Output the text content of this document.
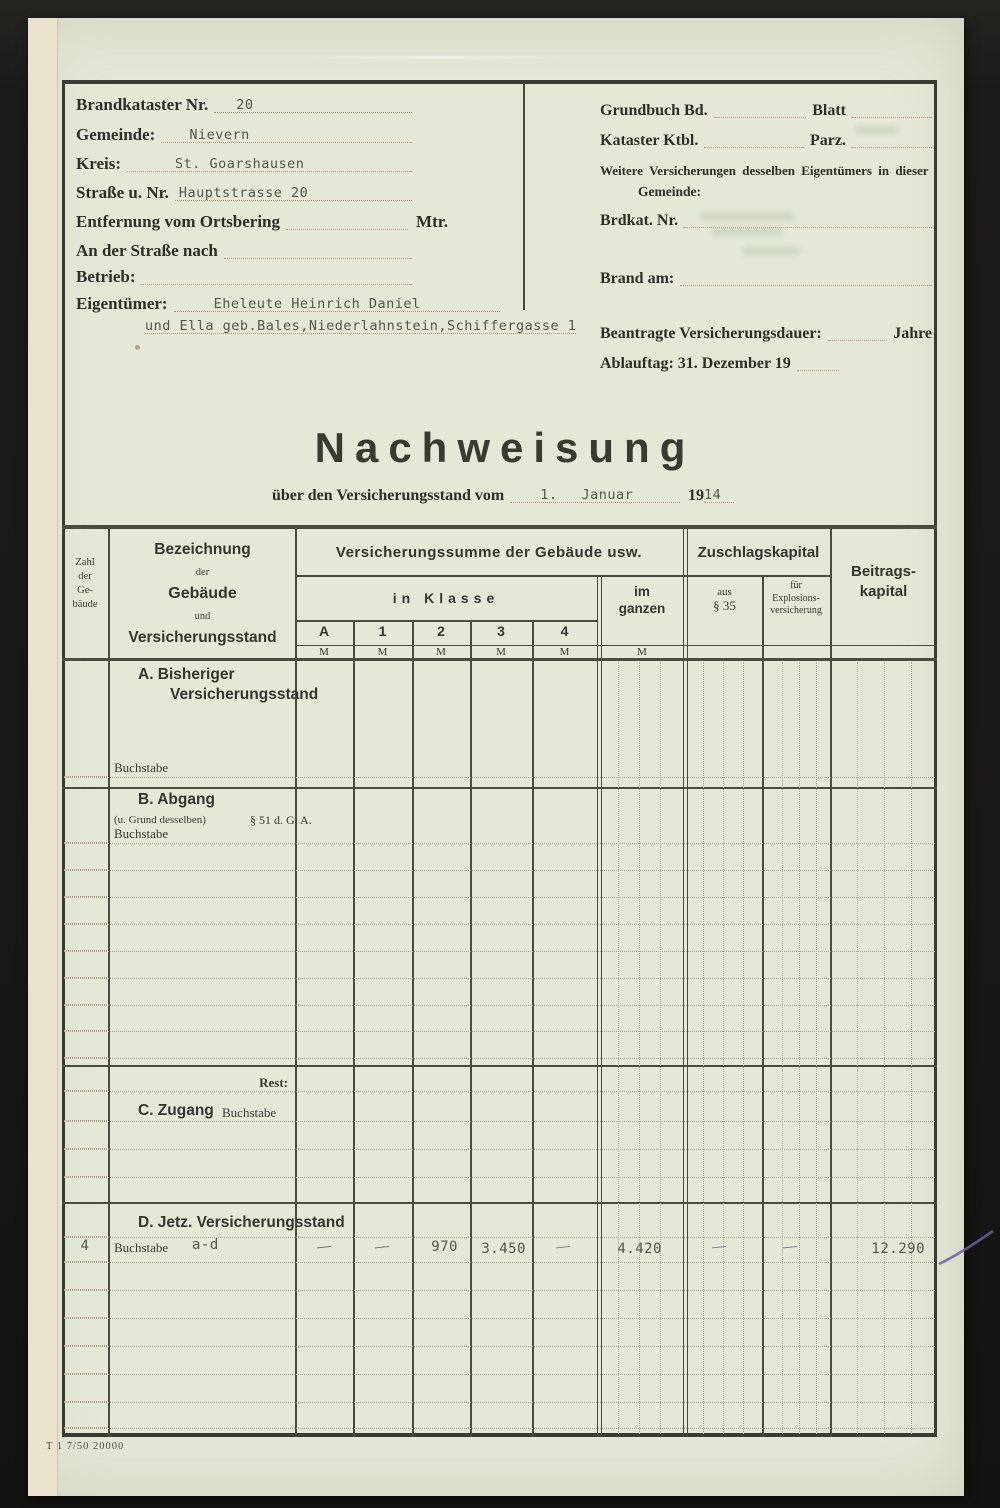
Brandkataster Nr.	20
Gemeinde:	Nievern
Kreis:	St. Goarshausen
Straße u. Nr. Hauptstrasse 20
Entfernung vom Ortsbering	Mtr.
An der Straße nach
Betrieb:
Eigentümer:	Eheleute Heinrich Daniel
und Ella geb.Bales,Niederlahnstein,Schiffergasse 1
Grundbuch Bd.	Blatt
Kataster Ktbl.	Parz.
Weitere Versicherungen desselben Eigentümers in dieser
Gemeinde:
Brdkat. Nr.
Brand am:
Beantragte Versicherungsdauer:	Jahre
Ablauftag: 31. Dezember 19
Nachweisung
über den Versicherungsstand vom	1.	Januar	19 14
Zahl
der
Ge-
bäude
Bezeichnung
der
Gebäude
und
Versicherungsstand
Versicherungssumme der Gebäude usw.	Zuschlagskapital
Beitrags-
kapital
in Klasse	im
ganzen
aus
§ 35
für
Explosions-
versicherung
A	1	2	3	4
M	M	M	M	M	M
A. Bisheriger
Versicherungsstand
Buchstabe
B. Abgang
(u. Grund desselben)	§ 51 d. G. A.
Buchstabe
Rest:
C. Zugang Buchstabe
D. Jetz. Versicherungsstand
4	Buchstabe a-d	—	—	970	3.450	—	4.420	—	—	12.290
T 1 7/50 20000
